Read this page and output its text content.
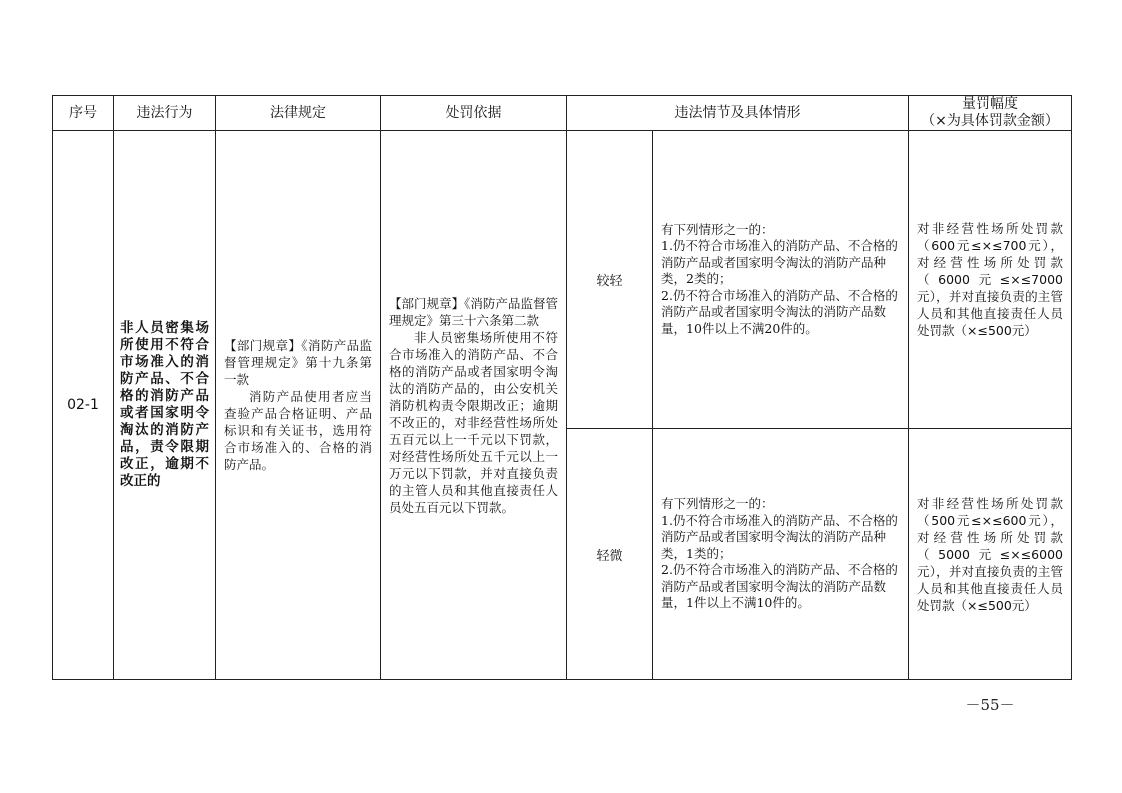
序号	违法行为	法律规定	处罚依据	违法情节及具体情形		量罚幅度
（×为具体罚款金额）

02-1	非人员密集场所使用不符合市场准入的消防产品、不合格的消防产品或者国家明令淘汰的消防产品，责令限期改正，逾期不改正的	【部门规章】《消防产品监督管理规定》第十九条第一款
消防产品使用者应当查验产品合格证明、产品标识和有关证书，选用符合市场准入的、合格的消防产品。	【部门规章】《消防产品监督管理规定》第三十六条第二款
非人员密集场所使用不符合市场准入的消防产品、不合格的消防产品或者国家明令淘汰的消防产品的，由公安机关消防机构责令限期改正；逾期不改正的，对非经营性场所处五百元以上一千元以下罚款，对经营性场所处五千元以上一万元以下罚款，并对直接负责的主管人员和其他直接责任人员处五百元以下罚款。	较轻	有下列情形之一的：
1.仍不符合市场准入的消防产品、不合格的消防产品或者国家明令淘汰的消防产品种类，2类的；
2.仍不符合市场准入的消防产品、不合格的消防产品或者国家明令淘汰的消防产品数量，10件以上不满20件的。	对非经营性场所处罚款（600元≤×≤700元），对经营性场所处罚款（6000元≤×≤7000元），并对直接负责的主管人员和其他直接责任人员处罚款（×≤500元）
				轻微	有下列情形之一的：
1.仍不符合市场准入的消防产品、不合格的消防产品或者国家明令淘汰的消防产品种类，1类的；
2.仍不符合市场准入的消防产品、不合格的消防产品或者国家明令淘汰的消防产品数量，1件以上不满10件的。	对非经营性场所处罚款（500元≤×≤600元），对经营性场所处罚款（5000元≤×≤6000元），并对直接负责的主管人员和其他直接责任人员处罚款（×≤500元）
－55－
